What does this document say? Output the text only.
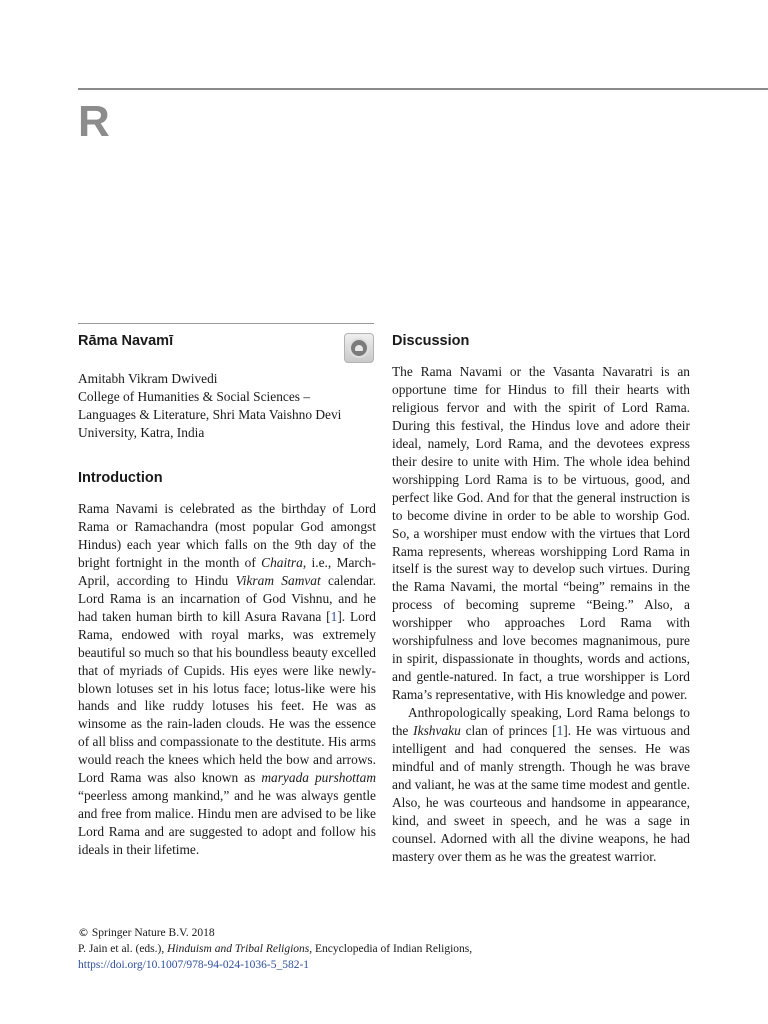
R
Rāma Navamī
Amitabh Vikram Dwivedi
College of Humanities & Social Sciences –
Languages & Literature, Shri Mata Vaishno Devi
University, Katra, India
Introduction

Rama Navami is celebrated as the birthday of Lord Rama or Ramachandra (most popular God amongst Hindus) each year which falls on the 9th day of the bright fortnight in the month of Chaitra, i.e., March-April, according to Hindu Vikram Samvat calendar. Lord Rama is an incarnation of God Vishnu, and he had taken human birth to kill Asura Ravana [1]. Lord Rama, endowed with royal marks, was extremely beautiful so much so that his boundless beauty excelled that of myriads of Cupids. His eyes were like newly-blown lotuses set in his lotus face; lotus-like were his hands and like ruddy lotuses his feet. He was as winsome as the rain-laden clouds. He was the essence of all bliss and compassionate to the destitute. His arms would reach the knees which held the bow and arrows. Lord Rama was also known as maryada purshottam “peerless among mankind,” and he was always gentle and free from malice. Hindu men are advised to be like Lord Rama and are suggested to adopt and follow his ideals in their lifetime.

Discussion

The Rama Navami or the Vasanta Navaratri is an opportune time for Hindus to fill their hearts with religious fervor and with the spirit of Lord Rama. During this festival, the Hindus love and adore their ideal, namely, Lord Rama, and the devotees express their desire to unite with Him. The whole idea behind worshipping Lord Rama is to be virtuous, good, and perfect like God. And for that the general instruction is to become divine in order to be able to worship God. So, a worshiper must endow with the virtues that Lord Rama represents, whereas worshipping Lord Rama in itself is the surest way to develop such virtues. During the Rama Navami, the mortal “being” remains in the process of becoming supreme “Being.” Also, a worshipper who approaches Lord Rama with worshipfulness and love becomes magnanimous, pure in spirit, dispassionate in thoughts, words and actions, and gentle-natured. In fact, a true worshipper is Lord Rama’s representative, with His knowledge and power.

Anthropologically speaking, Lord Rama belongs to the Ikshvaku clan of princes [1]. He was virtuous and intelligent and had conquered the senses. He was mindful and of manly strength. Though he was brave and valiant, he was at the same time modest and gentle. Also, he was courteous and handsome in appearance, kind, and sweet in speech, and he was a sage in counsel. Adorned with all the divine weapons, he had mastery over them as he was the greatest warrior.

© Springer Nature B.V. 2018
P. Jain et al. (eds.), Hinduism and Tribal Religions, Encyclopedia of Indian Religions,
https://doi.org/10.1007/978-94-024-1036-5_582-1
